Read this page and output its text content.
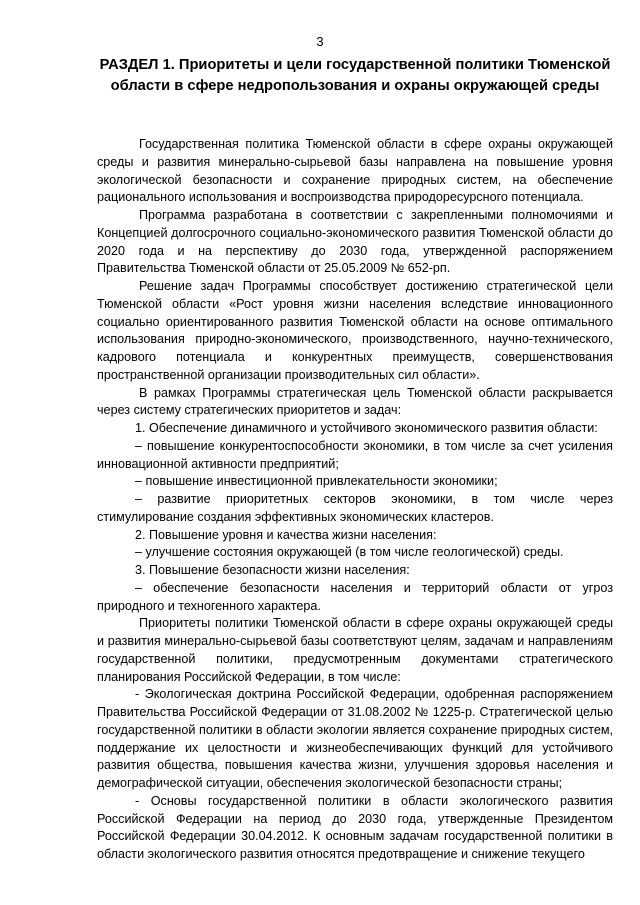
3
РАЗДЕЛ 1. Приоритеты и цели государственной политики Тюменской области в сфере недропользования и охраны окружающей среды

Государственная политика Тюменской области в сфере охраны окружающей среды и развития минерально-сырьевой базы направлена на повышение уровня экологической безопасности и сохранение природных систем, на обеспечение рационального использования и воспроизводства природоресурсного потенциала.

Программа разработана в соответствии с закрепленными полномочиями и Концепцией долгосрочного социально-экономического развития Тюменской области до 2020 года и на перспективу до 2030 года, утвержденной распоряжением Правительства Тюменской области от 25.05.2009 № 652-рп.

Решение задач Программы способствует достижению стратегической цели Тюменской области «Рост уровня жизни населения вследствие инновационного социально ориентированного развития Тюменской области на основе оптимального использования природно-экономического, производственного, научно-технического, кадрового потенциала и конкурентных преимуществ, совершенствования пространственной организации производительных сил области».

В рамках Программы стратегическая цель Тюменской области раскрывается через систему стратегических приоритетов и задач:

1. Обеспечение динамичного и устойчивого экономического развития области:

– повышение конкурентоспособности экономики, в том числе за счет усиления инновационной активности предприятий;

– повышение инвестиционной привлекательности экономики;

– развитие приоритетных секторов экономики, в том числе через стимулирование создания эффективных экономических кластеров.

2. Повышение уровня и качества жизни населения:

– улучшение состояния окружающей (в том числе геологической) среды.

3. Повышение безопасности жизни населения:

– обеспечение безопасности населения и территорий области от угроз природного и техногенного характера.

Приоритеты политики Тюменской области в сфере охраны окружающей среды и развития минерально-сырьевой базы соответствуют целям, задачам и направлениям государственной политики, предусмотренным документами стратегического планирования Российской Федерации, в том числе:

- Экологическая доктрина Российской Федерации, одобренная распоряжением Правительства Российской Федерации от 31.08.2002 № 1225-р. Стратегической целью государственной политики в области экологии является сохранение природных систем, поддержание их целостности и жизнеобеспечивающих функций для устойчивого развития общества, повышения качества жизни, улучшения здоровья населения и демографической ситуации, обеспечения экологической безопасности страны;

- Основы государственной политики в области экологического развития Российской Федерации на период до 2030 года, утвержденные Президентом Российской Федерации 30.04.2012. К основным задачам государственной политики в области экологического развития относятся предотвращение и снижение текущего
